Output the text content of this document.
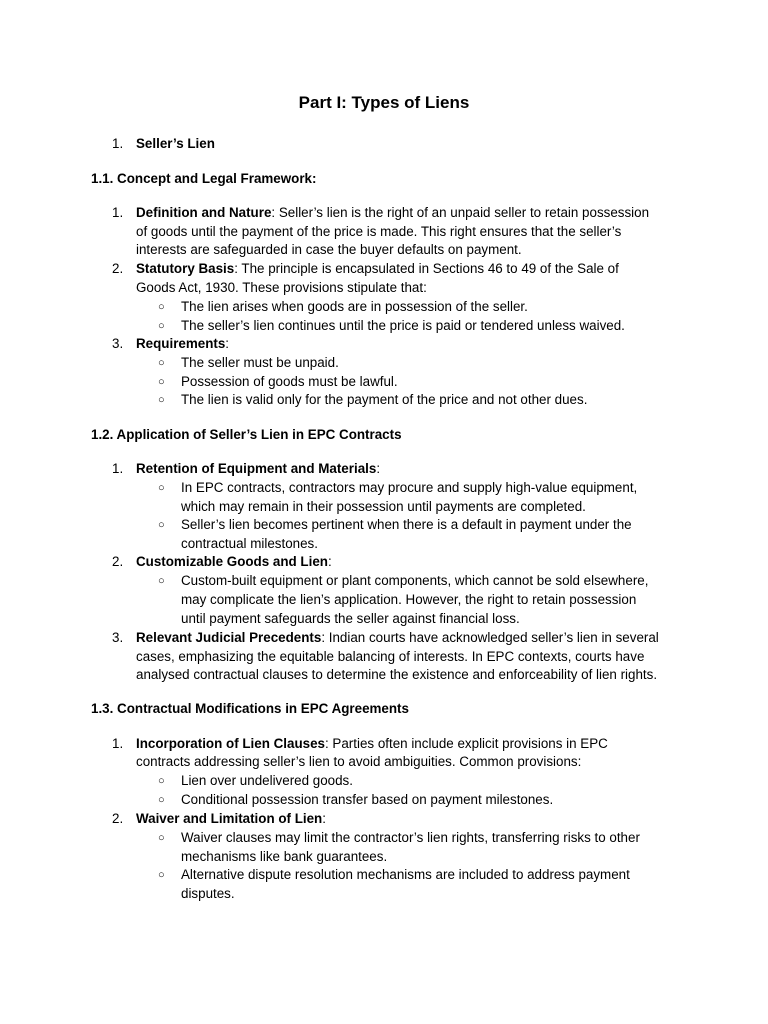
Part I: Types of Liens
1. Seller’s Lien
1.1. Concept and Legal Framework:
1. Definition and Nature: Seller’s lien is the right of an unpaid seller to retain possession
of goods until the payment of the price is made. This right ensures that the seller’s
interests are safeguarded in case the buyer defaults on payment.
2. Statutory Basis: The principle is encapsulated in Sections 46 to 49 of the Sale of
Goods Act, 1930. These provisions stipulate that:
○ The lien arises when goods are in possession of the seller.
○ The seller’s lien continues until the price is paid or tendered unless waived.
3. Requirements:
○ The seller must be unpaid.
○ Possession of goods must be lawful.
○ The lien is valid only for the payment of the price and not other dues.
1.2. Application of Seller’s Lien in EPC Contracts
1. Retention of Equipment and Materials:
○ In EPC contracts, contractors may procure and supply high-value equipment,
which may remain in their possession until payments are completed.
○ Seller’s lien becomes pertinent when there is a default in payment under the
contractual milestones.
2. Customizable Goods and Lien:
○ Custom-built equipment or plant components, which cannot be sold elsewhere,
may complicate the lien’s application. However, the right to retain possession
until payment safeguards the seller against financial loss.
3. Relevant Judicial Precedents: Indian courts have acknowledged seller’s lien in several
cases, emphasizing the equitable balancing of interests. In EPC contexts, courts have
analysed contractual clauses to determine the existence and enforceability of lien rights.
1.3. Contractual Modifications in EPC Agreements
1. Incorporation of Lien Clauses: Parties often include explicit provisions in EPC
contracts addressing seller’s lien to avoid ambiguities. Common provisions:
○ Lien over undelivered goods.
○ Conditional possession transfer based on payment milestones.
2. Waiver and Limitation of Lien:
○ Waiver clauses may limit the contractor’s lien rights, transferring risks to other
mechanisms like bank guarantees.
○ Alternative dispute resolution mechanisms are included to address payment
disputes.
